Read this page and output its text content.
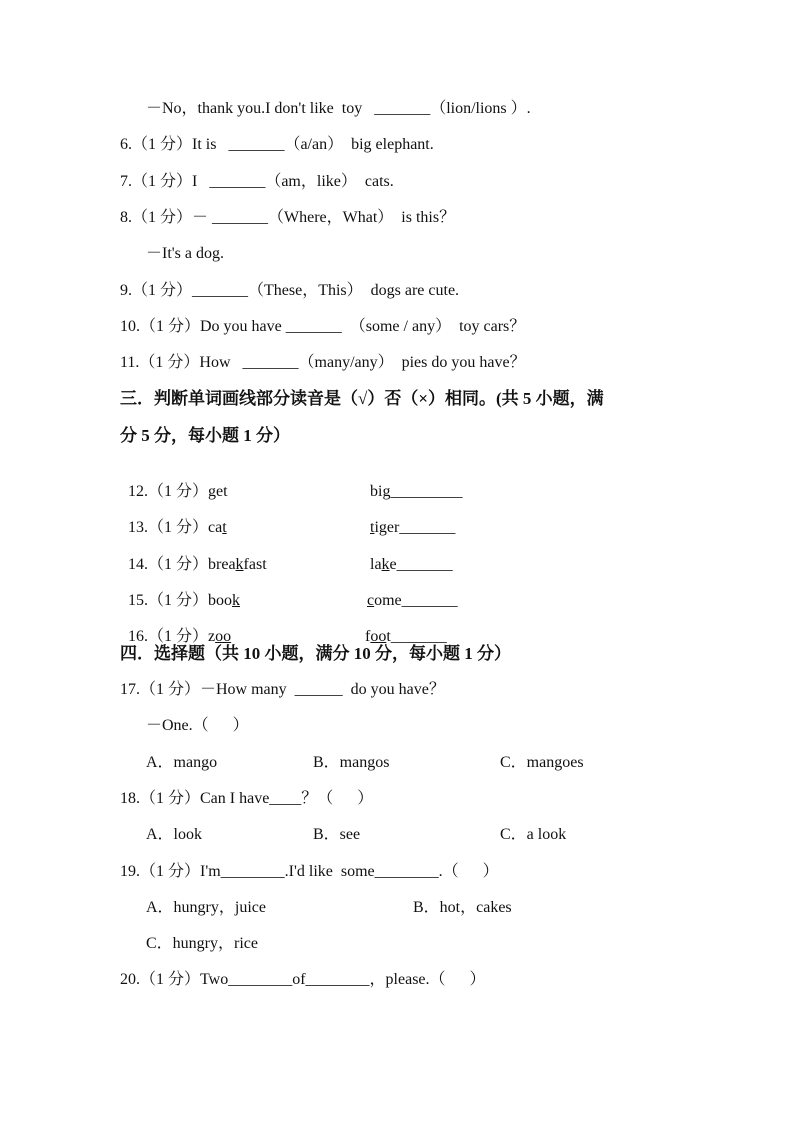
－No，thank you.I don't like  toy   _______（lion/lions ）.
6.（1 分）It is   _______（a/an）  big elephant.
7.（1 分）I   _______（am，like）  cats.
8.（1 分）－ _______（Where，What）  is this？
－It's a dog.
9.（1 分）_______（These，This）  dogs are cute.
10.（1 分）Do you have _______  （some / any）  toy cars？
11.（1 分）How   _______（many/any）  pies do you have？
三．判断单词画线部分读音是（√）否（×）相同。(共 5 小题，满
分 5 分，每小题 1 分）

12.（1 分）get	big_________

13.（1 分）cat	tiger_______

14.（1 分）breakfast	lake_______

15.（1 分）book	come_______

16.（1 分）zoo	foot_______

四．选择题（共 10 小题，满分 10 分，每小题 1 分）
17.（1 分）－How many  ______  do you have？
－One.（      ）
A．mango	B．mangos	C．mangoes
18.（1 分）Can I have____？（      ）
A．look	B．see	C．a look
19.（1 分）I'm________.I'd like  some________.（      ）
A．hungry，juice	B．hot，cakes
C．hungry，rice
20.（1 分）Two________of________，please.（      ）
